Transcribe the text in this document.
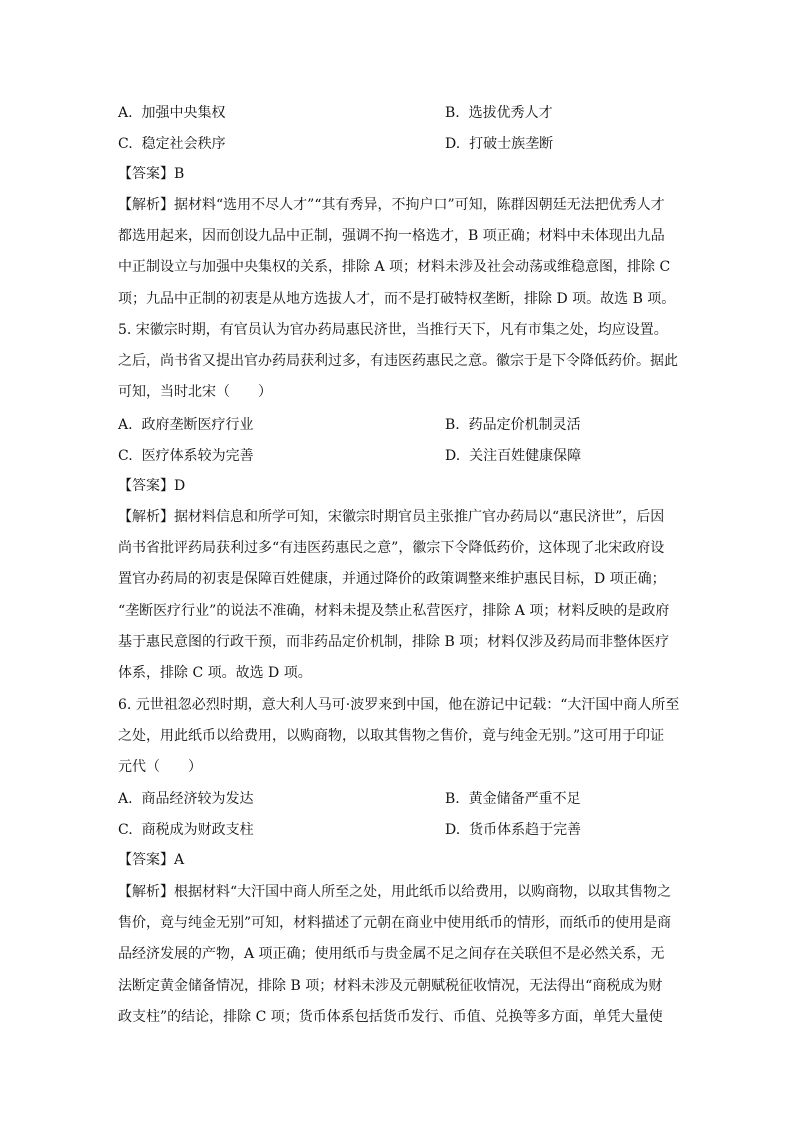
A. 加强中央集权	B. 选拔优秀人才
C. 稳定社会秩序	D. 打破士族垄断
【答案】B
【解析】据材料“选用不尽人才”“其有秀异，不拘户口”可知，陈群因朝廷无法把优秀人才
都选用起来，因而创设九品中正制，强调不拘一格选才，B 项正确；材料中未体现出九品
中正制设立与加强中央集权的关系，排除 A 项；材料未涉及社会动荡或维稳意图，排除 C
项；九品中正制的初衷是从地方选拔人才，而不是打破特权垄断，排除 D 项。故选 B 项。
5. 宋徽宗时期，有官员认为官办药局惠民济世，当推行天下，凡有市集之处，均应设置。
之后，尚书省又提出官办药局获利过多，有违医药惠民之意。徽宗于是下令降低药价。据此
可知，当时北宋（　　）
A. 政府垄断医疗行业	B. 药品定价机制灵活
C. 医疗体系较为完善	D. 关注百姓健康保障
【答案】D
【解析】据材料信息和所学可知，宋徽宗时期官员主张推广官办药局以“惠民济世”，后因
尚书省批评药局获利过多“有违医药惠民之意”，徽宗下令降低药价，这体现了北宋政府设
置官办药局的初衷是保障百姓健康，并通过降价的政策调整来维护惠民目标，D 项正确；
“垄断医疗行业”的说法不准确，材料未提及禁止私营医疗，排除 A 项；材料反映的是政府
基于惠民意图的行政干预，而非药品定价机制，排除 B 项；材料仅涉及药局而非整体医疗
体系，排除 C 项。故选 D 项。
6. 元世祖忽必烈时期，意大利人马可·波罗来到中国，他在游记中记载：“大汗国中商人所至
之处，用此纸币以给费用，以购商物，以取其售物之售价，竟与纯金无别。”这可用于印证
元代（　　）
A. 商品经济较为发达	B. 黄金储备严重不足
C. 商税成为财政支柱	D. 货币体系趋于完善
【答案】A
【解析】根据材料“大汗国中商人所至之处，用此纸币以给费用，以购商物，以取其售物之
售价，竟与纯金无别”可知，材料描述了元朝在商业中使用纸币的情形，而纸币的使用是商
品经济发展的产物，A 项正确；使用纸币与贵金属不足之间存在关联但不是必然关系，无
法断定黄金储备情况，排除 B 项；材料未涉及元朝赋税征收情况，无法得出“商税成为财
政支柱”的结论，排除 C 项；货币体系包括货币发行、币值、兑换等多方面，单凭大量使
